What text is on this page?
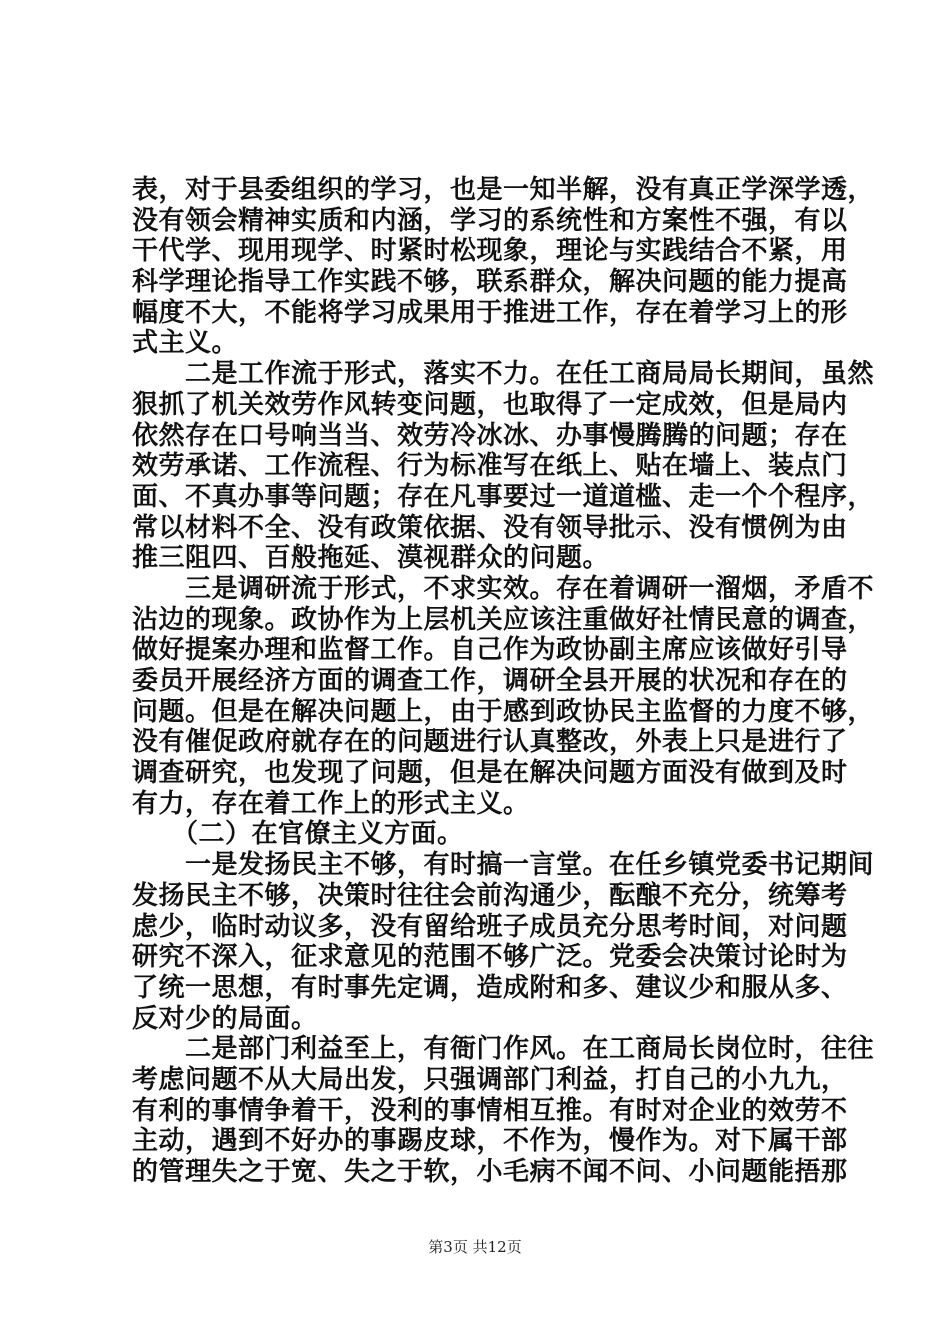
表，对于县委组织的学习，也是一知半解，没有真正学深学透，
没有领会精神实质和内涵，学习的系统性和方案性不强，有以
干代学、现用现学、时紧时松现象，理论与实践结合不紧，用
科学理论指导工作实践不够，联系群众，解决问题的能力提高
幅度不大，不能将学习成果用于推进工作，存在着学习上的形
式主义。
　　二是工作流于形式，落实不力。在任工商局局长期间，虽然
狠抓了机关效劳作风转变问题，也取得了一定成效，但是局内
依然存在口号响当当、效劳冷冰冰、办事慢腾腾的问题；存在
效劳承诺、工作流程、行为标准写在纸上、贴在墙上、装点门
面、不真办事等问题；存在凡事要过一道道槛、走一个个程序，
常以材料不全、没有政策依据、没有领导批示、没有惯例为由
推三阻四、百般拖延、漠视群众的问题。
　　三是调研流于形式，不求实效。存在着调研一溜烟，矛盾不
沾边的现象。政协作为上层机关应该注重做好社情民意的调查，
做好提案办理和监督工作。自己作为政协副主席应该做好引导
委员开展经济方面的调查工作，调研全县开展的状况和存在的
问题。但是在解决问题上，由于感到政协民主监督的力度不够，
没有催促政府就存在的问题进行认真整改，外表上只是进行了
调查研究，也发现了问题，但是在解决问题方面没有做到及时
有力，存在着工作上的形式主义。
　　（二）在官僚主义方面。
　　一是发扬民主不够，有时搞一言堂。在任乡镇党委书记期间
发扬民主不够，决策时往往会前沟通少，酝酿不充分，统筹考
虑少，临时动议多，没有留给班子成员充分思考时间，对问题
研究不深入，征求意见的范围不够广泛。党委会决策讨论时为
了统一思想，有时事先定调，造成附和多、建议少和服从多、
反对少的局面。
　　二是部门利益至上，有衙门作风。在工商局长岗位时，往往
考虑问题不从大局出发，只强调部门利益，打自己的小九九，
有利的事情争着干，没利的事情相互推。有时对企业的效劳不
主动，遇到不好办的事踢皮球，不作为，慢作为。对下属干部
的管理失之于宽、失之于软，小毛病不闻不问、小问题能捂那
第3页 共12页
